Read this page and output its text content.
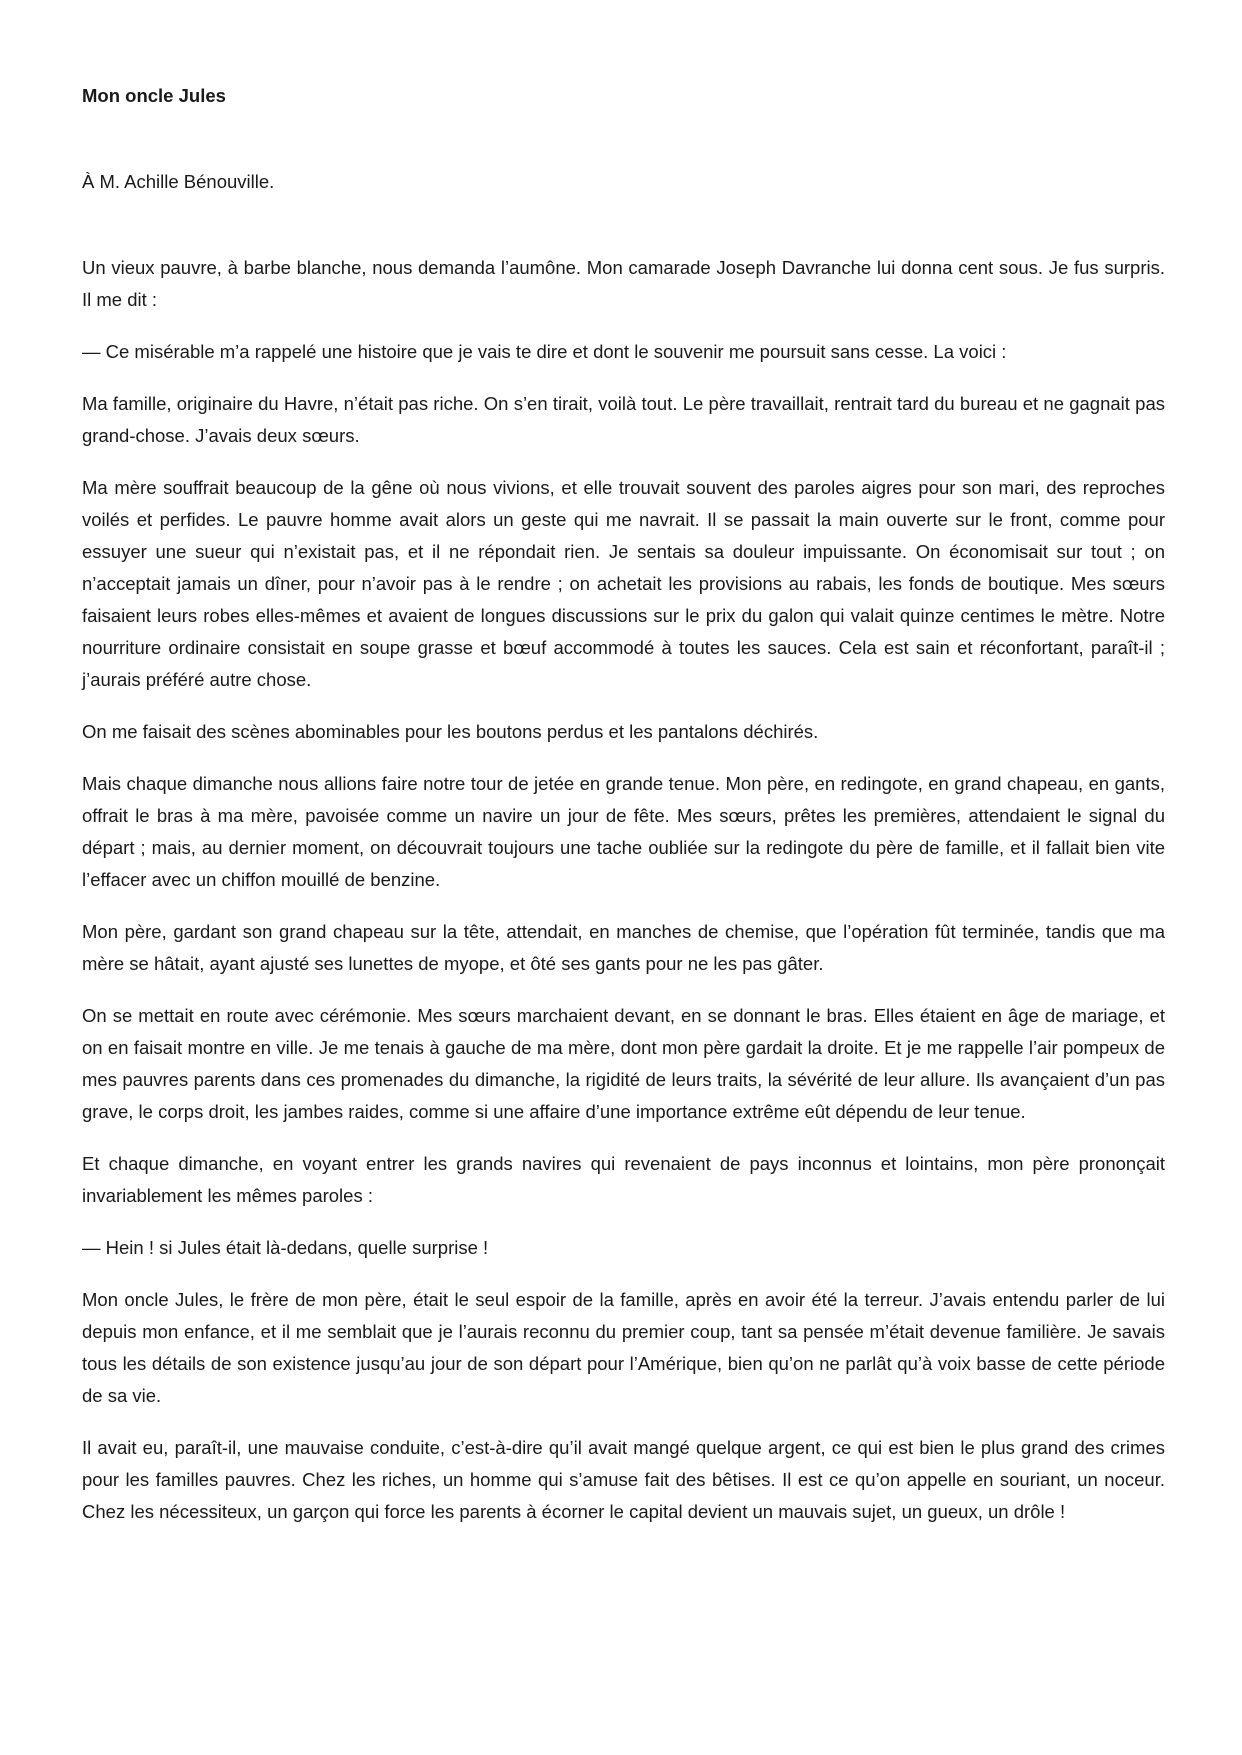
Mon oncle Jules

À M. Achille Bénouville.

Un vieux pauvre, à barbe blanche, nous demanda l’aumône. Mon camarade Joseph Davranche lui donna cent sous. Je fus surpris. Il me dit :

— Ce misérable m’a rappelé une histoire que je vais te dire et dont le souvenir me poursuit sans cesse. La voici :

Ma famille, originaire du Havre, n’était pas riche. On s’en tirait, voilà tout. Le père travaillait, rentrait tard du bureau et ne gagnait pas grand-chose. J’avais deux sœurs.

Ma mère souffrait beaucoup de la gêne où nous vivions, et elle trouvait souvent des paroles aigres pour son mari, des reproches voilés et perfides. Le pauvre homme avait alors un geste qui me navrait. Il se passait la main ouverte sur le front, comme pour essuyer une sueur qui n’existait pas, et il ne répondait rien. Je sentais sa douleur impuissante. On économisait sur tout ; on n’acceptait jamais un dîner, pour n’avoir pas à le rendre ; on achetait les provisions au rabais, les fonds de boutique. Mes sœurs faisaient leurs robes elles-mêmes et avaient de longues discussions sur le prix du galon qui valait quinze centimes le mètre. Notre nourriture ordinaire consistait en soupe grasse et bœuf accommodé à toutes les sauces. Cela est sain et réconfortant, paraît-il ; j’aurais préféré autre chose.

On me faisait des scènes abominables pour les boutons perdus et les pantalons déchirés.

Mais chaque dimanche nous allions faire notre tour de jetée en grande tenue. Mon père, en redingote, en grand chapeau, en gants, offrait le bras à ma mère, pavoisée comme un navire un jour de fête. Mes sœurs, prêtes les premières, attendaient le signal du départ ; mais, au dernier moment, on découvrait toujours une tache oubliée sur la redingote du père de famille, et il fallait bien vite l’effacer avec un chiffon mouillé de benzine.

Mon père, gardant son grand chapeau sur la tête, attendait, en manches de chemise, que l’opération fût terminée, tandis que ma mère se hâtait, ayant ajusté ses lunettes de myope, et ôté ses gants pour ne les pas gâter.

On se mettait en route avec cérémonie. Mes sœurs marchaient devant, en se donnant le bras. Elles étaient en âge de mariage, et on en faisait montre en ville. Je me tenais à gauche de ma mère, dont mon père gardait la droite. Et je me rappelle l’air pompeux de mes pauvres parents dans ces promenades du dimanche, la rigidité de leurs traits, la sévérité de leur allure. Ils avançaient d’un pas grave, le corps droit, les jambes raides, comme si une affaire d’une importance extrême eût dépendu de leur tenue.

Et chaque dimanche, en voyant entrer les grands navires qui revenaient de pays inconnus et lointains, mon père prononçait invariablement les mêmes paroles :

— Hein ! si Jules était là-dedans, quelle surprise !

Mon oncle Jules, le frère de mon père, était le seul espoir de la famille, après en avoir été la terreur. J’avais entendu parler de lui depuis mon enfance, et il me semblait que je l’aurais reconnu du premier coup, tant sa pensée m’était devenue familière. Je savais tous les détails de son existence jusqu’au jour de son départ pour l’Amérique, bien qu’on ne parlât qu’à voix basse de cette période de sa vie.

Il avait eu, paraît-il, une mauvaise conduite, c’est-à-dire qu’il avait mangé quelque argent, ce qui est bien le plus grand des crimes pour les familles pauvres. Chez les riches, un homme qui s’amuse fait des bêtises. Il est ce qu’on appelle en souriant, un noceur. Chez les nécessiteux, un garçon qui force les parents à écorner le capital devient un mauvais sujet, un gueux, un drôle !
